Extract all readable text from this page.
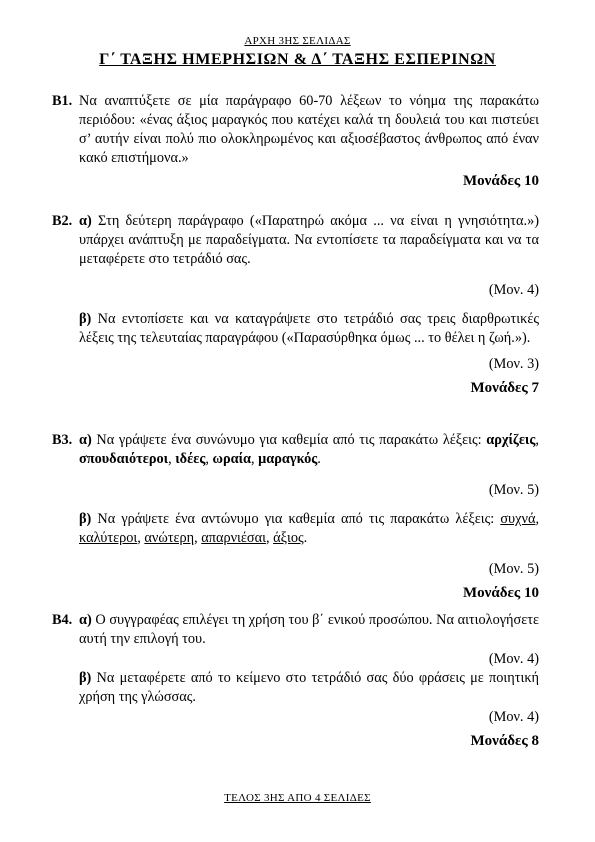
ΑΡΧΗ 3ΗΣ ΣΕΛΙΔΑΣ
Γ΄ ΤΑΞΗΣ ΗΜΕΡΗΣΙΩΝ & Δ΄ ΤΑΞΗΣ ΕΣΠΕΡΙΝΩΝ
Β1. Να αναπτύξετε σε μία παράγραφο 60-70 λέξεων το νόημα της παρακάτω περιόδου: «ένας άξιος μαραγκός που κατέχει καλά τη δουλειά του και πιστεύει σ’ αυτήν είναι πολύ πιο ολοκληρωμένος και αξιοσέβαστος άνθρωπος από έναν κακό επιστήμονα.»
Μονάδες 10
Β2. α) Στη δεύτερη παράγραφο («Παρατηρώ ακόμα ... να είναι η γνησιότητα.») υπάρχει ανάπτυξη με παραδείγματα. Να εντοπίσετε τα παραδείγματα και να τα μεταφέρετε στο τετράδιό σας.
(Μον. 4)
β) Να εντοπίσετε και να καταγράψετε στο τετράδιό σας τρεις διαρθρωτικές λέξεις της τελευταίας παραγράφου («Παρασύρθηκα όμως ... το θέλει η ζωή.»).
(Μον. 3)
Μονάδες 7
Β3. α) Να γράψετε ένα συνώνυμο για καθεμία από τις παρακάτω λέξεις: αρχίζεις, σπουδαιότεροι, ιδέες, ωραία, μαραγκός.
(Μον. 5)
β) Να γράψετε ένα αντώνυμο για καθεμία από τις παρακάτω λέξεις: συχνά, καλύτεροι, ανώτερη, απαρνιέσαι, άξιος.
(Μον. 5)
Μονάδες 10
Β4. α) Ο συγγραφέας επιλέγει τη χρήση του β΄ ενικού προσώπου. Να αιτιολογήσετε αυτή την επιλογή του.
(Μον. 4)
β) Να μεταφέρετε από το κείμενο στο τετράδιό σας δύο φράσεις με ποιητική χρήση της γλώσσας.
(Μον. 4)
Μονάδες 8
ΤΕΛΟΣ 3ΗΣ ΑΠΟ 4 ΣΕΛΙΔΕΣ
